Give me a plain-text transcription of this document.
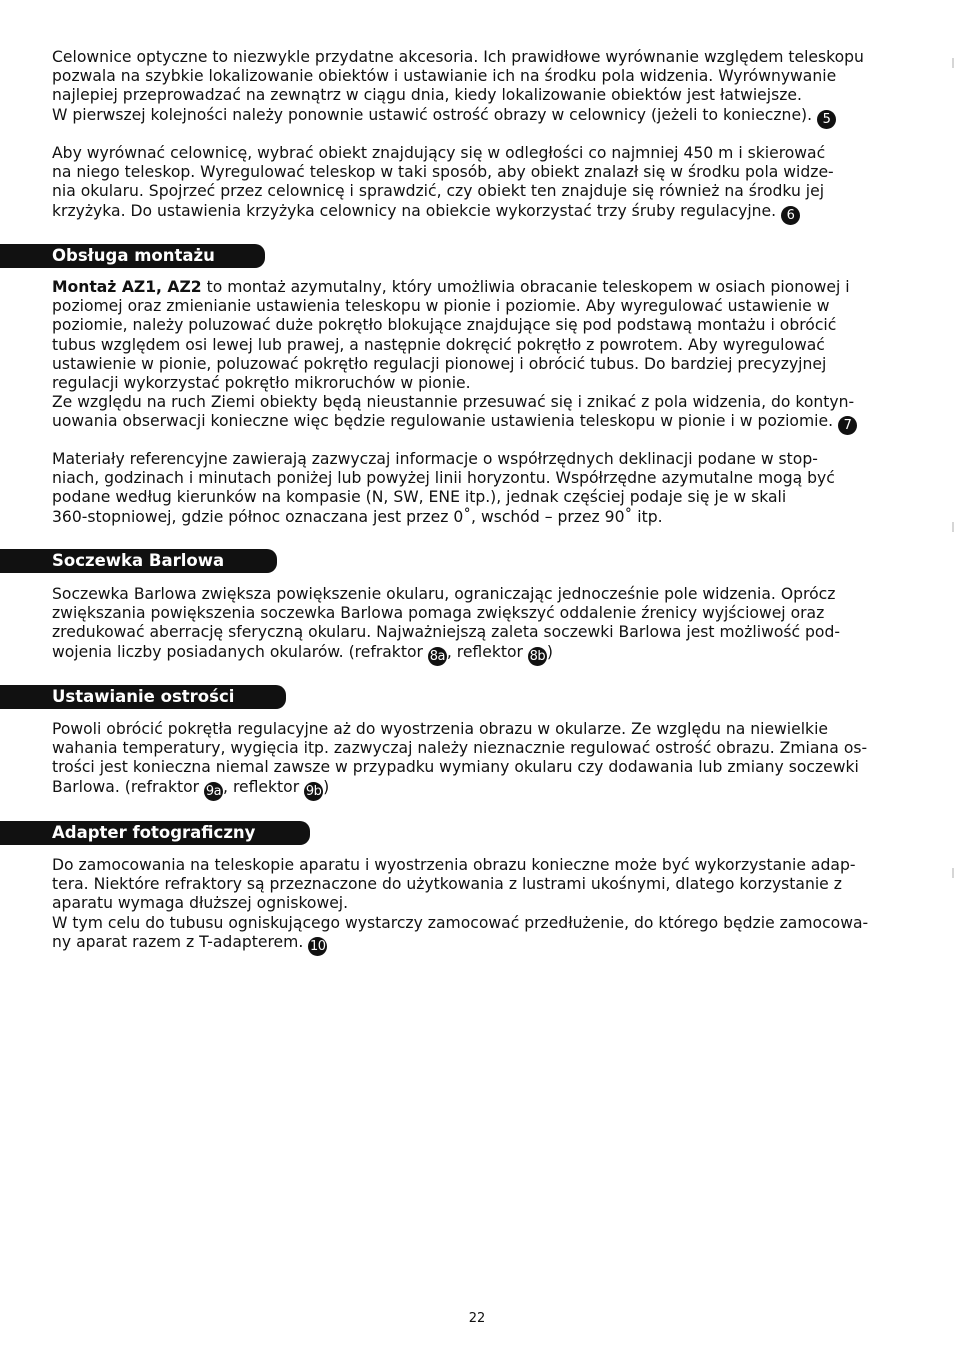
Celownice optyczne to niezwykle przydatne akcesoria. Ich prawidłowe wyrównanie względem teleskopu
pozwala na szybkie lokalizowanie obiektów i ustawianie ich na środku pola widzenia. Wyrównywanie
najlepiej przeprowadzać na zewnątrz w ciągu dnia, kiedy lokalizowanie obiektów jest łatwiejsze.
W pierwszej kolejności należy ponownie ustawić ostrość obrazy w celownicy (jeżeli to konieczne). 5

Aby wyrównać celownicę, wybrać obiekt znajdujący się w odległości co najmniej 450 m i skierować
na niego teleskop. Wyregulować teleskop w taki sposób, aby obiekt znalazł się w środku pola widze-
nia okularu. Spojrzeć przez celownicę i sprawdzić, czy obiekt ten znajduje się również na środku jej
krzyżyka. Do ustawienia krzyżyka celownicy na obiekcie wykorzystać trzy śruby regulacyjne. 6

Obsługa montażu

Montaż AZ1, AZ2 to montaż azymutalny, który umożliwia obracanie teleskopem w osiach pionowej i
poziomej oraz zmienianie ustawienia teleskopu w pionie i poziomie. Aby wyregulować ustawienie w
poziomie, należy poluzować duże pokrętło blokujące znajdujące się pod podstawą montażu i obrócić
tubus względem osi lewej lub prawej, a następnie dokręcić pokrętło z powrotem. Aby wyregulować
ustawienie w pionie, poluzować pokrętło regulacji pionowej i obrócić tubus. Do bardziej precyzyjnej
regulacji wykorzystać pokrętło mikroruchów w pionie.
Ze względu na ruch Ziemi obiekty będą nieustannie przesuwać się i znikać z pola widzenia, do kontyn-
uowania obserwacji konieczne więc będzie regulowanie ustawienia teleskopu w pionie i w poziomie. 7

Materiały referencyjne zawierają zazwyczaj informacje o współrzędnych deklinacji podane w stop-
niach, godzinach i minutach poniżej lub powyżej linii horyzontu. Współrzędne azymutalne mogą być
podane według kierunków na kompasie (N, SW, ENE itp.), jednak częściej podaje się je w skali
360-stopniowej, gdzie północ oznaczana jest przez 0˚, wschód – przez 90˚ itp.

Soczewka Barlowa

Soczewka Barlowa zwiększa powiększenie okularu, ograniczając jednocześnie pole widzenia. Oprócz
zwiększania powiększenia soczewka Barlowa pomaga zwiększyć oddalenie źrenicy wyjściowej oraz
zredukować aberrację sferyczną okularu. Najważniejszą zaleta soczewki Barlowa jest możliwość pod-
wojenia liczby posiadanych okularów. (refraktor 8a , reflektor 8b )

Ustawianie ostrości

Powoli obrócić pokrętła regulacyjne aż do wyostrzenia obrazu w okularze. Ze względu na niewielkie
wahania temperatury, wygięcia itp. zazwyczaj należy nieznacznie regulować ostrość obrazu. Zmiana os-
trości jest konieczna niemal zawsze w przypadku wymiany okularu czy dodawania lub zmiany soczewki
Barlowa. (refraktor 9a , reflektor 9b )

Adapter fotograficzny

Do zamocowania na teleskopie aparatu i wyostrzenia obrazu konieczne może być wykorzystanie adap-
tera. Niektóre refraktory są przeznaczone do użytkowania z lustrami ukośnymi, dlatego korzystanie z
aparatu wymaga dłuższej ogniskowej.
W tym celu do tubusu ogniskującego wystarczy zamocować przedłużenie, do którego będzie zamocowa-
ny aparat razem z T-adapterem. 10

22
